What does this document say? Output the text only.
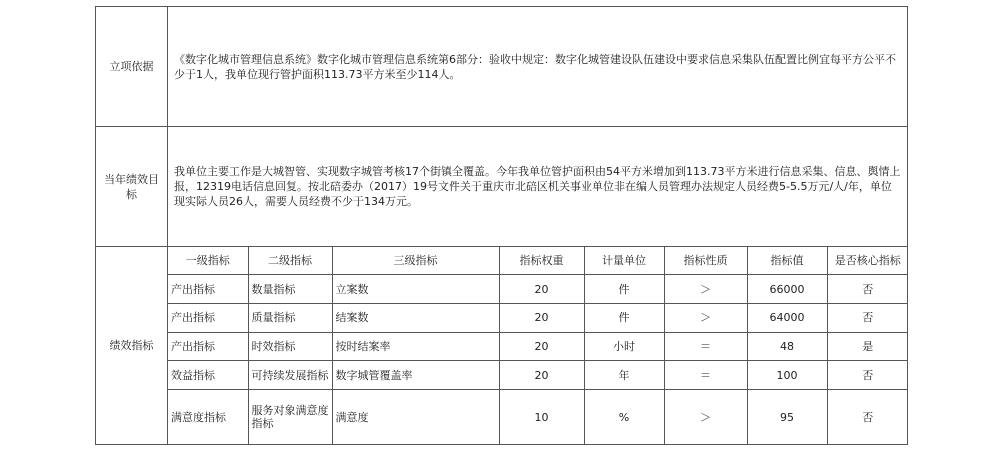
立项依据	《数字化城市管理信息系统》数字化城市管理信息系统第6部分：验收中规定：数字化城管建设队伍建设中要求信息采集队伍配置比例宜每平方公平不少于1人，我单位现行管护面积113.73平方米至少114人。
当年绩效目标	我单位主要工作是大城智管、实现数字城管考核17个街镇全覆盖。今年我单位管护面积由54平方米增加到113.73平方米进行信息采集、信息、舆情上报，12319电话信息回复。按北碚委办（2017）19号文件关于重庆市北碚区机关事业单位非在编人员管理办法规定人员经费5-5.5万元/人/年，单位现实际人员26人，需要人员经费不少于134万元。
绩效指标	
一级指标	二级指标	三级指标	指标权重	计量单位	指标性质	指标值	是否核心指标
产出指标	数量指标	立案数	20	件	＞	66000	否
产出指标	质量指标	结案数	20	件	＞	64000	否
产出指标	时效指标	按时结案率	20	小时	＝	48	是
效益指标	可持续发展指标	数字城管覆盖率	20	年	＝	100	否
满意度指标	服务对象满意度指标	满意度	10	%	＞	95	否
